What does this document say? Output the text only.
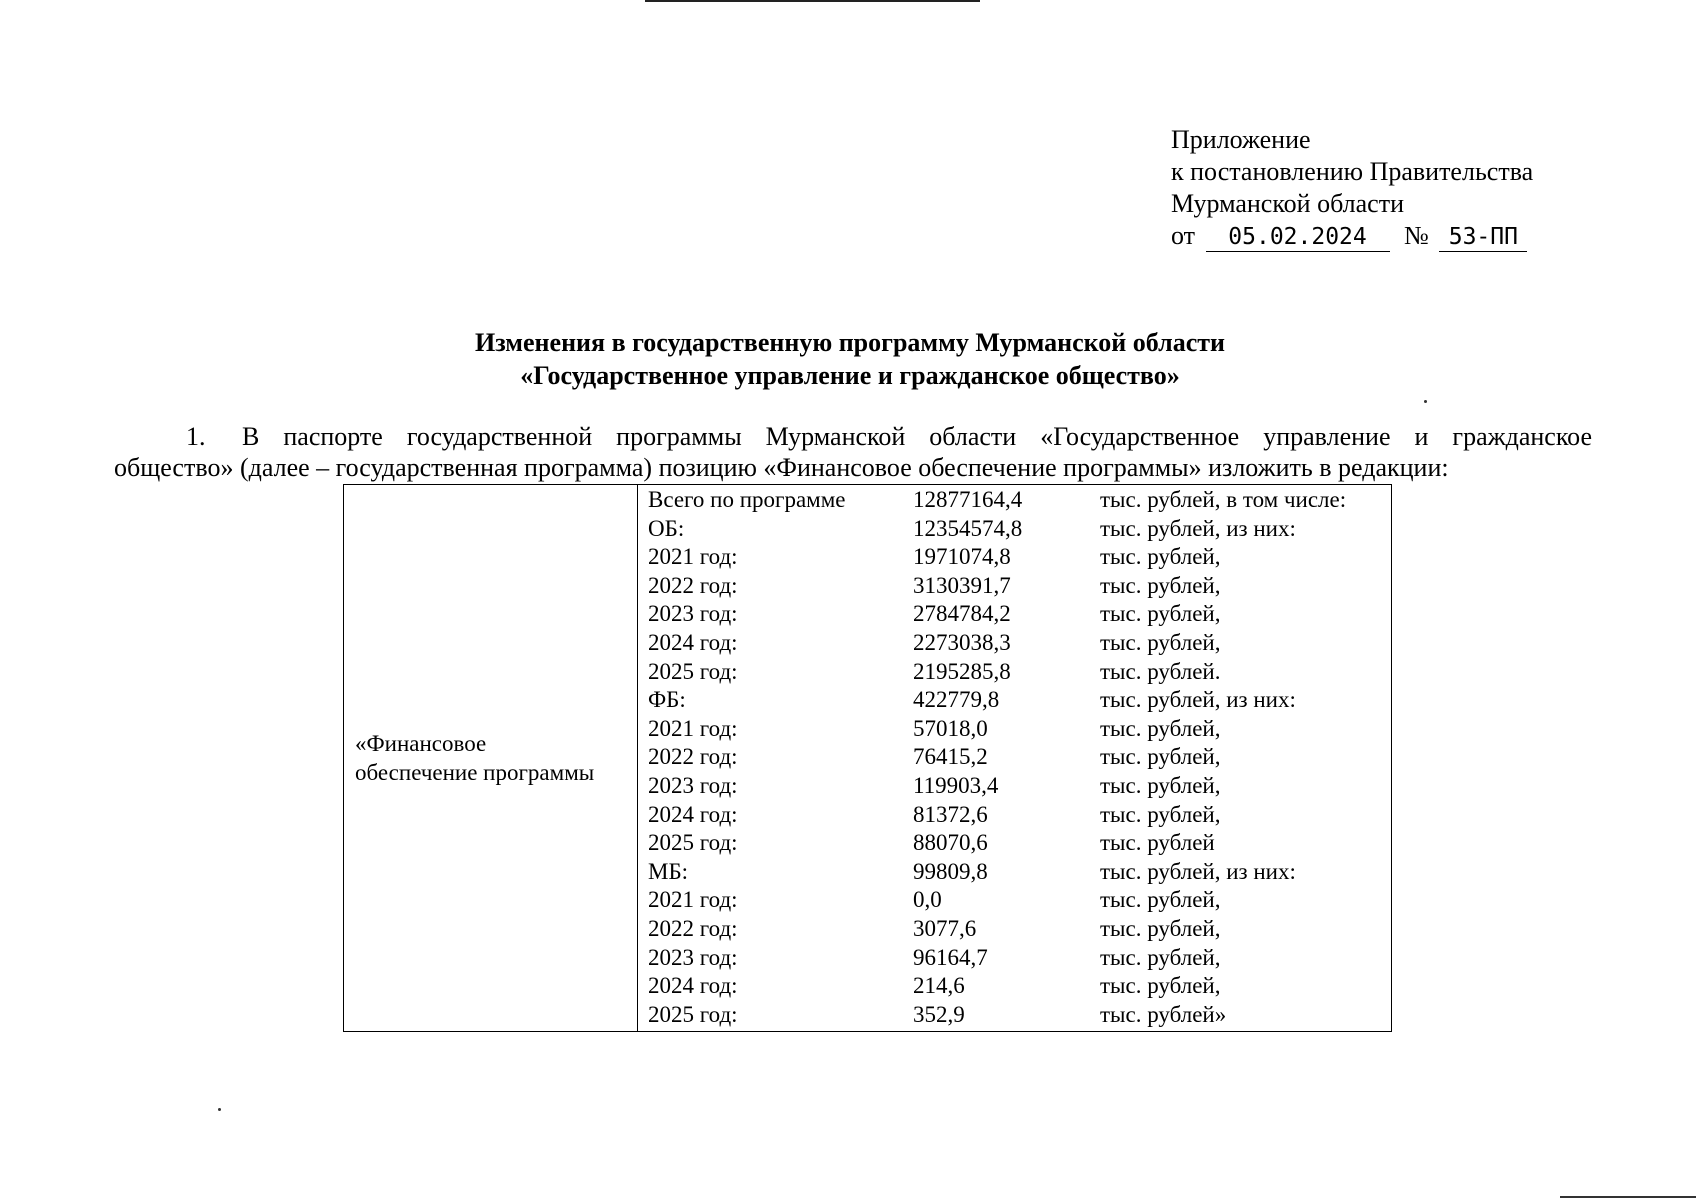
Приложение
к постановлению Правительства
Мурманской области
от 05.02.2024 № 53-ПП
Изменения в государственную программу Мурманской области
«Государственное управление и гражданское общество»
1.	В паспорте государственной программы Мурманской области «Государственное управление и гражданское
общество» (далее – государственная программа) позицию «Финансовое обеспечение программы» изложить в редакции:
«Финансовое
обеспечение программы
Всего по программе	12877164,4	тыс. рублей, в том числе:
ОБ:	12354574,8	тыс. рублей, из них:
2021 год:	1971074,8	тыс. рублей,
2022 год:	3130391,7	тыс. рублей,
2023 год:	2784784,2	тыс. рублей,
2024 год:	2273038,3	тыс. рублей,
2025 год:	2195285,8	тыс. рублей.
ФБ:	422779,8	тыс. рублей, из них:
2021 год:	57018,0	тыс. рублей,
2022 год:	76415,2	тыс. рублей,
2023 год:	119903,4	тыс. рублей,
2024 год:	81372,6	тыс. рублей,
2025 год:	88070,6	тыс. рублей
МБ:	99809,8	тыс. рублей, из них:
2021 год:	0,0	тыс. рублей,
2022 год:	3077,6	тыс. рублей,
2023 год:	96164,7	тыс. рублей,
2024 год:	214,6	тыс. рублей,
2025 год:	352,9	тыс. рублей»
